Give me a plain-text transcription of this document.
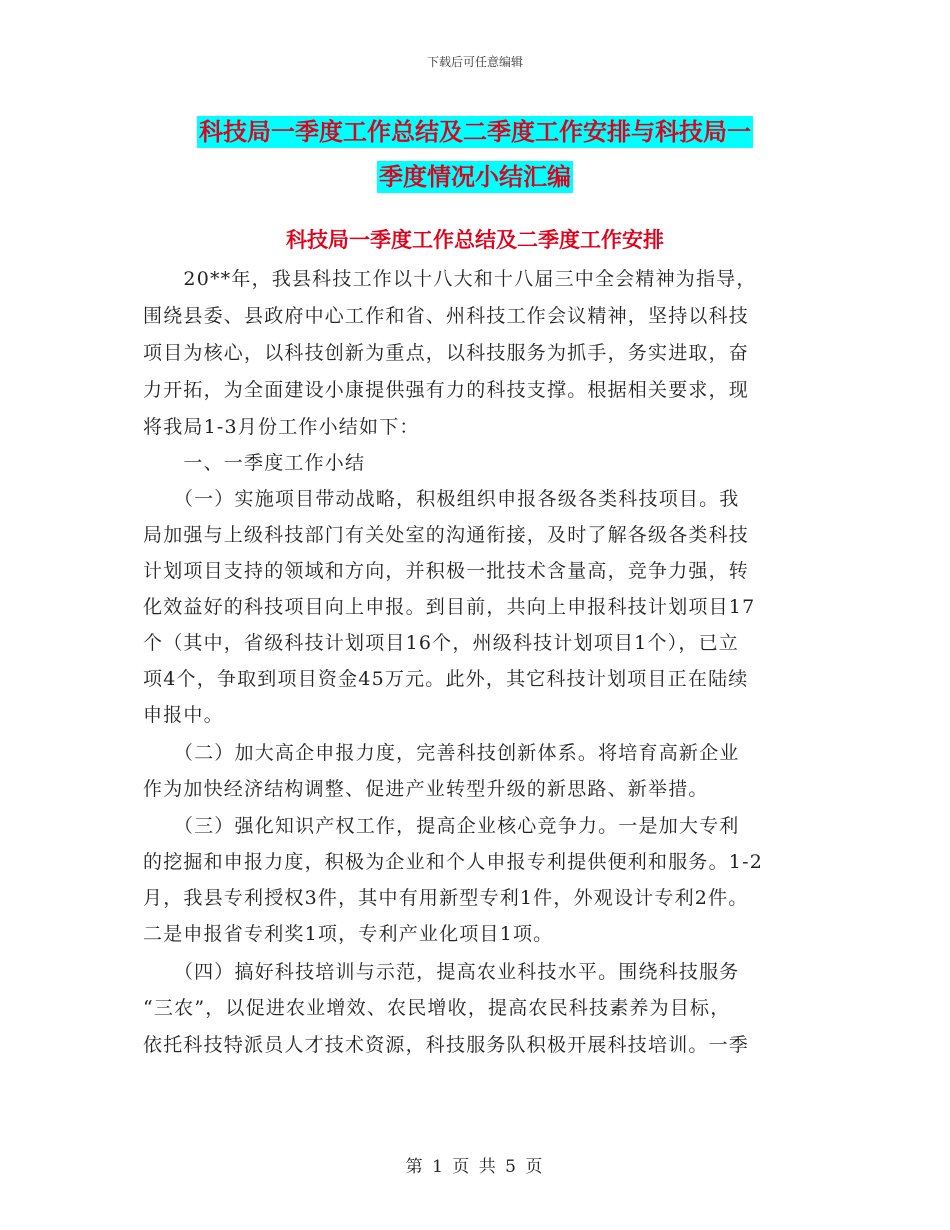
下载后可任意编辑
科技局一季度工作总结及二季度工作安排与科技局一
季度情况小结汇编
科技局一季度工作总结及二季度工作安排
　　20**年，我县科技工作以十八大和十八届三中全会精神为指导，
围绕县委、县政府中心工作和省、州科技工作会议精神，坚持以科技
项目为核心，以科技创新为重点，以科技服务为抓手，务实进取，奋
力开拓，为全面建设小康提供强有力的科技支撑。根据相关要求，现
将我局1-3月份工作小结如下：
　　一、一季度工作小结
　　（一）实施项目带动战略，积极组织申报各级各类科技项目。我
局加强与上级科技部门有关处室的沟通衔接，及时了解各级各类科技
计划项目支持的领域和方向，并积极一批技术含量高，竞争力强，转
化效益好的科技项目向上申报。到目前，共向上申报科技计划项目17
个（其中，省级科技计划项目16个，州级科技计划项目1个），已立
项4个，争取到项目资金45万元。此外，其它科技计划项目正在陆续
申报中。
　　（二）加大高企申报力度，完善科技创新体系。将培育高新企业
作为加快经济结构调整、促进产业转型升级的新思路、新举措。
　　（三）强化知识产权工作，提高企业核心竞争力。一是加大专利
的挖掘和申报力度，积极为企业和个人申报专利提供便利和服务。1-2
月，我县专利授权3件，其中有用新型专利1件，外观设计专利2件。
二是申报省专利奖1项，专利产业化项目1项。
　　（四）搞好科技培训与示范，提高农业科技水平。围绕科技服务
“三农”，以促进农业增效、农民增收，提高农民科技素养为目标，
依托科技特派员人才技术资源，科技服务队积极开展科技培训。一季
第 1 页 共 5 页
